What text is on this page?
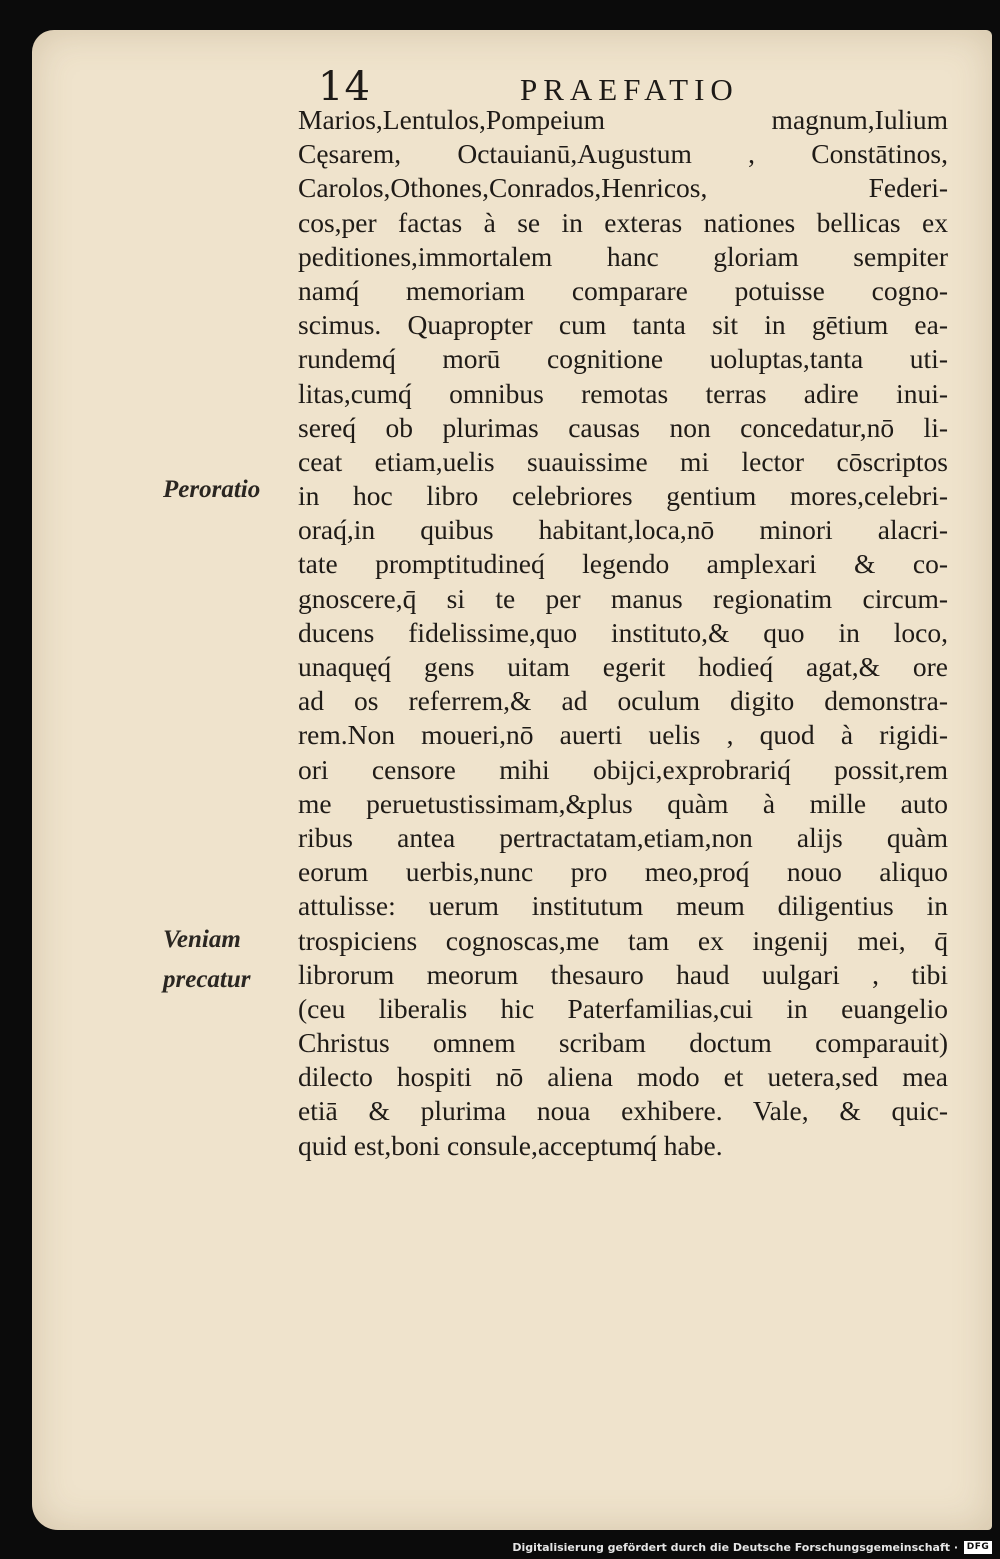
14	PRAEFATIO
Marios,Lentulos,Pompeium magnum,Iulium
Cęsarem, Octauianū,Augustum , Constātinos,
Carolos,Othones,Conrados,Henricos, Federi-
cos,per factas à se in exteras nationes bellicas ex
peditiones,immortalem hanc gloriam sempiter
namq́ memoriam comparare potuisse cogno-
scimus. Quapropter cum tanta sit in gētium ea-
rundemq́ morū cognitione uoluptas,tanta uti-
litas,cumq́ omnibus remotas terras adire inui-
sereq́ ob plurimas causas non concedatur,nō li-
ceat etiam,uelis suauissime mi lector cōscriptos
in hoc libro celebriores gentium mores,celebri-
oraq́,in quibus habitant,loca,nō minori alacri-
tate promptitudineq́ legendo amplexari & co-
gnoscere,q̄ si te per manus regionatim circum-
ducens fidelissime,quo instituto,& quo in loco,
unaquęq́ gens uitam egerit hodieq́ agat,& ore
ad os referrem,& ad oculum digito demonstra-
rem.Non moueri,nō auerti uelis , quod à rigidi-
ori censore mihi obijci,exprobrariq́ possit,rem
me peruetustissimam,&plus quàm à mille auto
ribus antea pertractatam,etiam,non alijs quàm
eorum uerbis,nunc pro meo,proq́ nouo aliquo
attulisse: uerum institutum meum diligentius in
trospiciens cognoscas,me tam ex ingenij mei, q̄
librorum meorum thesauro haud uulgari , tibi
(ceu liberalis hic Paterfamilias,cui in euangelio
Christus omnem scribam doctum comparauit)
dilecto hospiti nō aliena modo et uetera,sed mea
etiā & plurima noua exhibere. Vale, & quic-
quid est,boni consule,acceptumq́ habe.
Peroratio
Veniam
precatur
Digitalisierung gefördert durch die Deutsche Forschungsgemeinschaft · DFG
